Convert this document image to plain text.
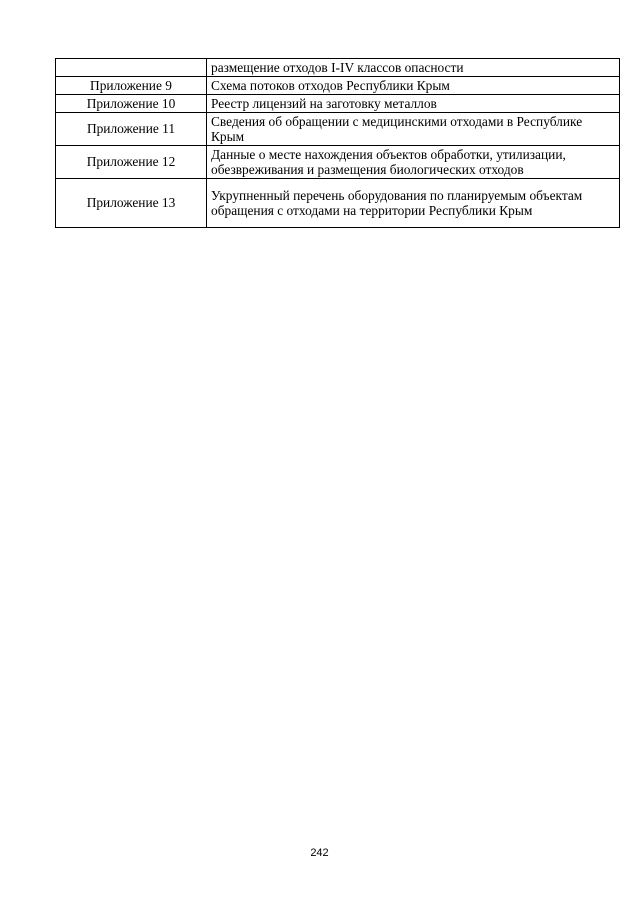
	размещение отходов I-IV классов опасности
Приложение 9	Схема потоков отходов Республики Крым
Приложение 10	Реестр лицензий на заготовку металлов
Приложение 11	Сведения об обращении с медицинскими отходами в Республике Крым
Приложение 12	Данные о месте нахождения объектов обработки, утилизации, обезвреживания и размещения биологических отходов
Приложение 13	Укрупненный перечень оборудования по планируемым объектам обращения с отходами на территории Республики Крым
242
